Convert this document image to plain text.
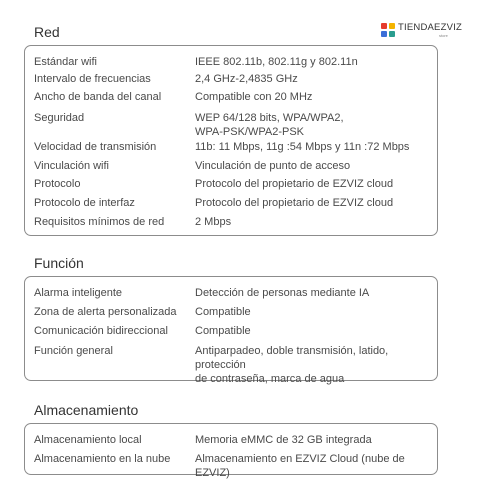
TIENDAEZVIZ
store
Red
Estándar wifi	IEEE 802.11b, 802.11g y 802.11n
Intervalo de frecuencias	2,4 GHz-2,4835 GHz
Ancho de banda del canal	Compatible con 20 MHz
Seguridad	WEP 64/128 bits, WPA/WPA2,
WPA-PSK/WPA2-PSK
Velocidad de transmisión	11b: 11 Mbps, 11g :54 Mbps y 11n :72 Mbps
Vinculación wifi	Vinculación de punto de acceso
Protocolo	Protocolo del propietario de EZVIZ cloud
Protocolo de interfaz	Protocolo del propietario de EZVIZ cloud
Requisitos mínimos de red	2 Mbps
Función
Alarma inteligente	Detección de personas mediante IA
Zona de alerta personalizada	Compatible
Comunicación bidireccional	Compatible
Función general	Antiparpadeo, doble transmisión, latido, protección
de contraseña, marca de agua
Almacenamiento
Almacenamiento local	Memoria eMMC de 32 GB integrada
Almacenamiento en la nube	Almacenamiento en EZVIZ Cloud (nube de EZVIZ)
